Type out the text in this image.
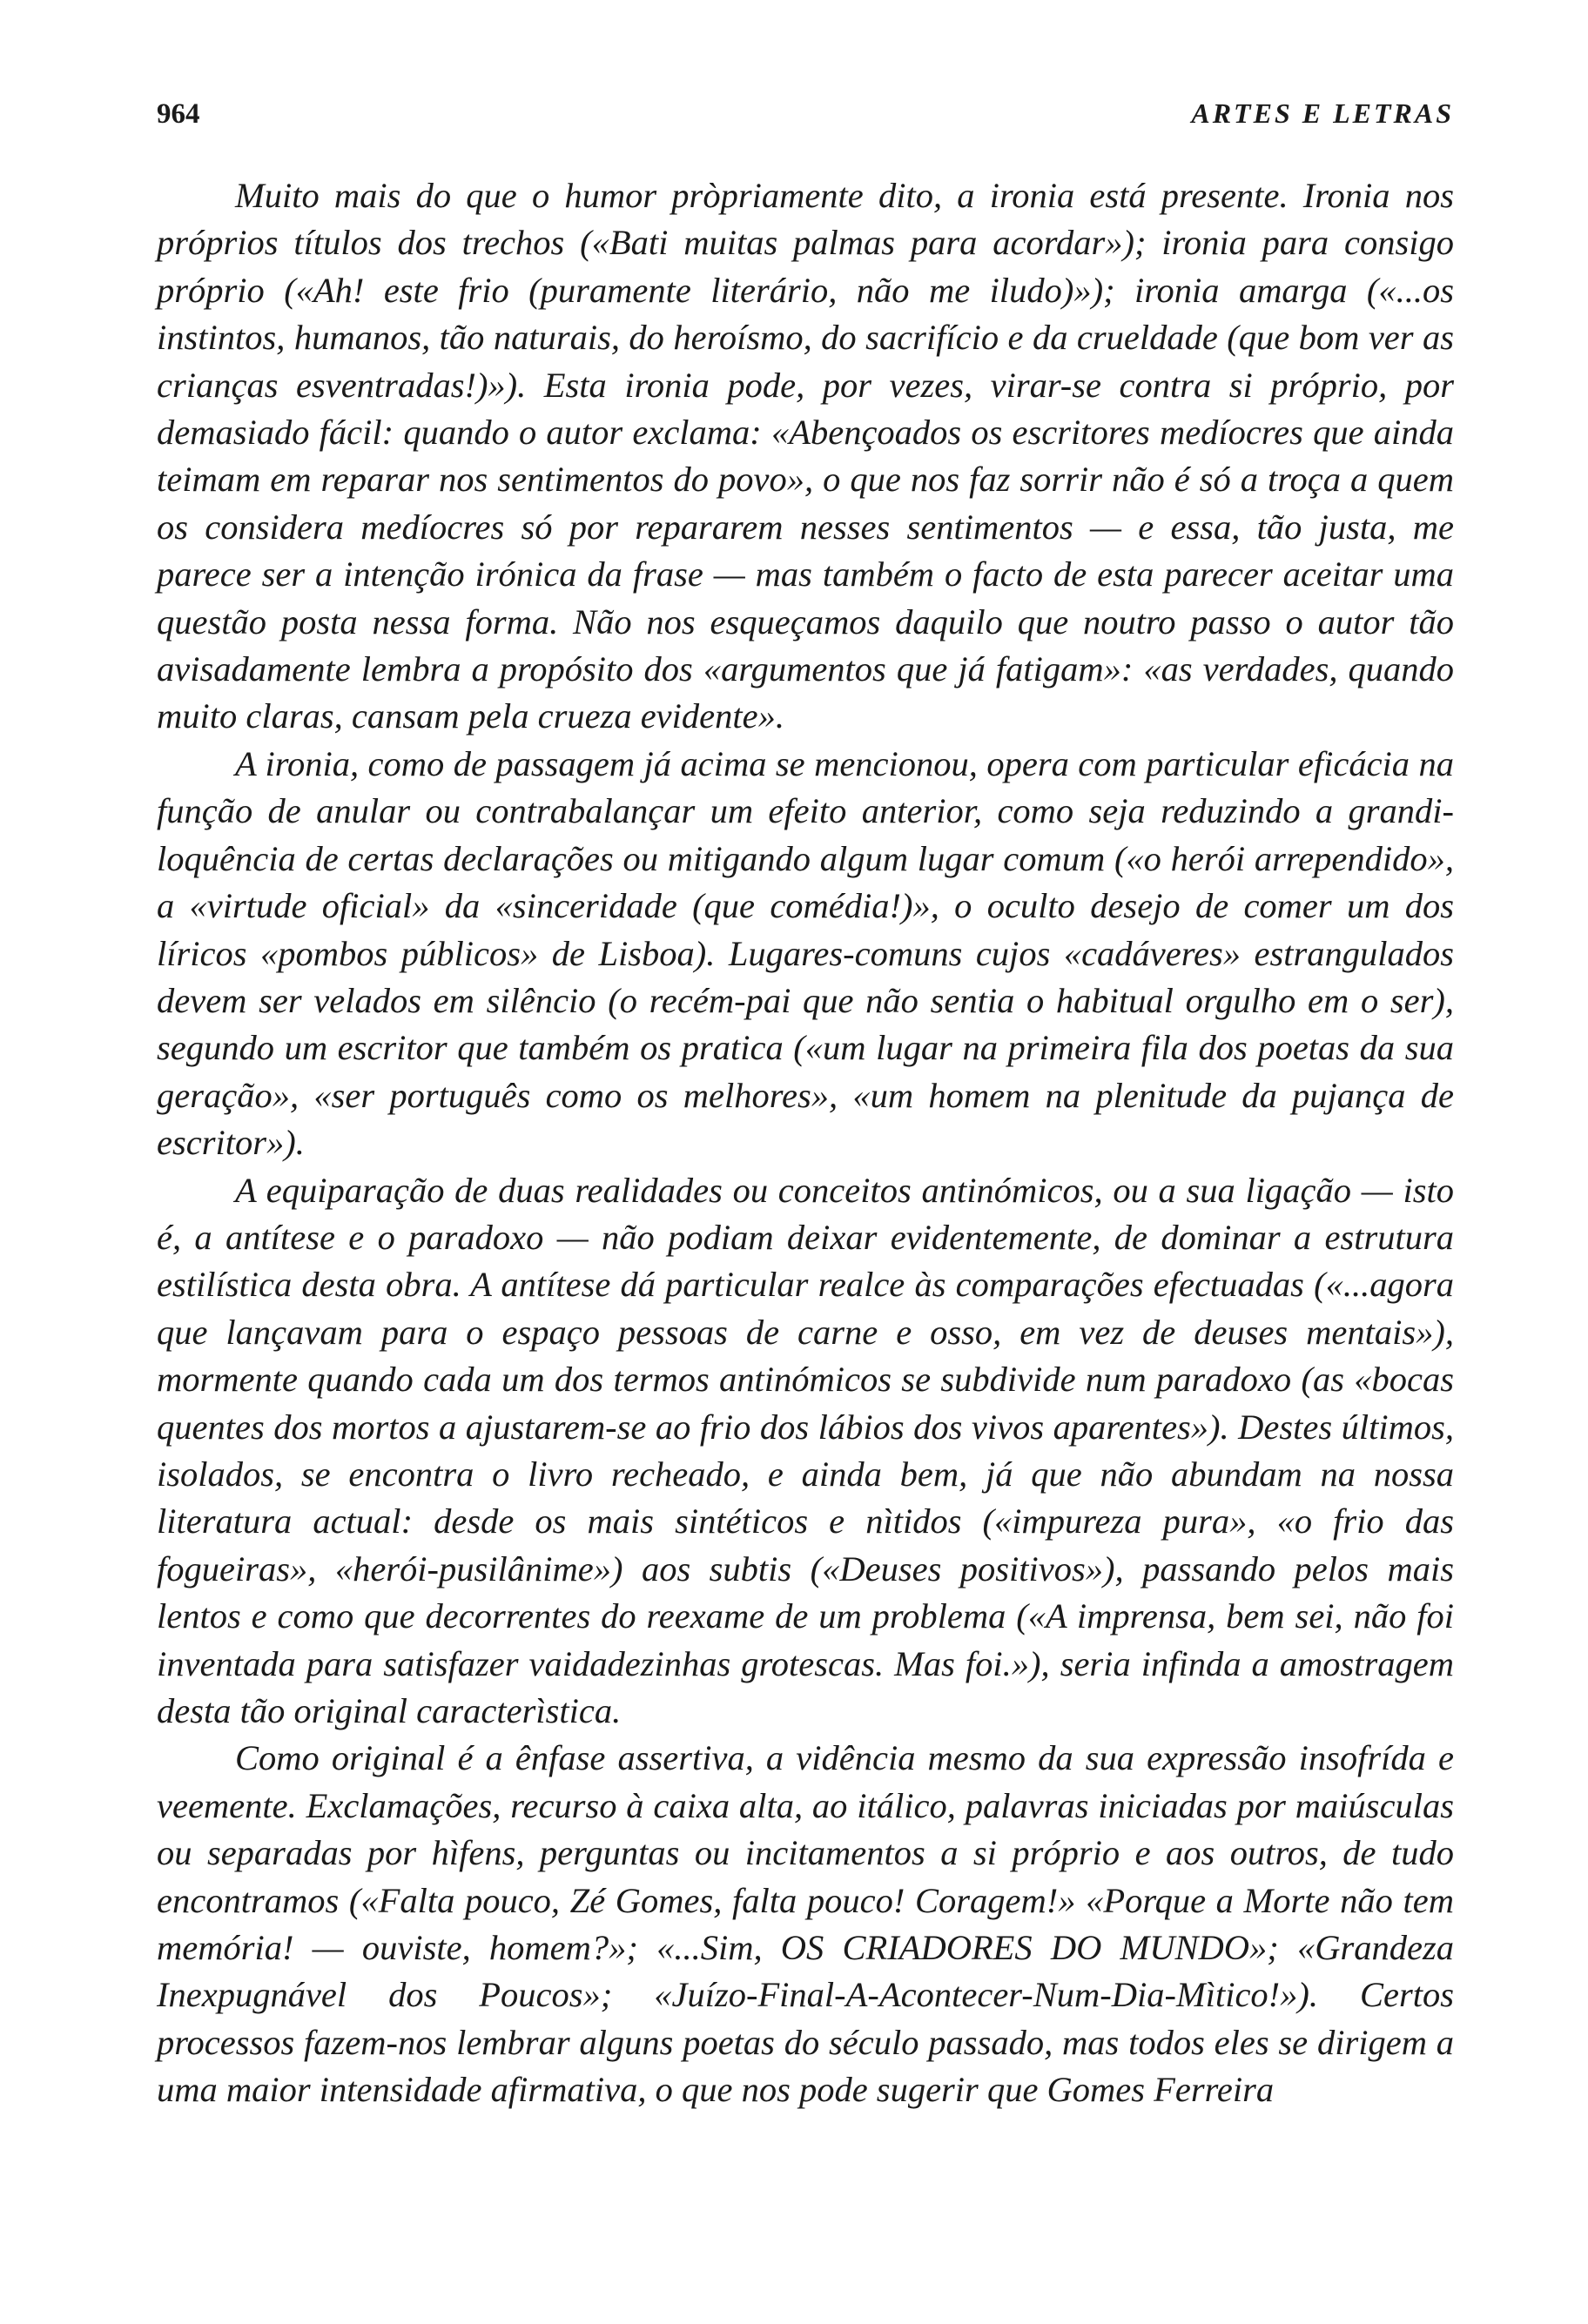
964	ARTES E LETRAS

Muito mais do que o humor pròpriamente dito, a ironia está presente. Ironia nos próprios títulos dos trechos («Bati muitas palmas para acordar»); ironia para consigo próprio («Ah! este frio (puramente literário, não me iludo)»); ironia amarga («...os instintos, humanos, tão naturais, do heroísmo, do sacrifício e da crueldade (que bom ver as crianças esventradas!)»). Esta ironia pode, por vezes, virar-se contra si próprio, por demasiado fácil: quando o autor exclama: «Abençoados os escritores medíocres que ainda teimam em reparar nos sentimentos do povo», o que nos faz sorrir não é só a troça a quem os considera medíocres só por repararem nesses sentimentos — e essa, tão justa, me parece ser a intenção irónica da frase — mas também o facto de esta parecer aceitar uma questão posta nessa forma. Não nos esqueçamos daquilo que noutro passo o autor tão avisadamente lembra a propósito dos «argumentos que já fatigam»: «as verdades, quando muito claras, cansam pela crueza evidente».

A ironia, como de passagem já acima se mencionou, opera com particular eficácia na função de anular ou contrabalançar um efeito anterior, como seja reduzindo a grandiloquência de certas declarações ou mitigando algum lugar comum («o herói arrependido», a «virtude oficial» da «sinceridade (que comédia!)», o oculto desejo de comer um dos líricos «pombos públicos» de Lisboa). Lugares-comuns cujos «cadáveres» estrangulados devem ser velados em silêncio (o recém-pai que não sentia o habitual orgulho em o ser), segundo um escritor que também os pratica («um lugar na primeira fila dos poetas da sua geração», «ser português como os melhores», «um homem na plenitude da pujança de escritor»).

A equiparação de duas realidades ou conceitos antinómicos, ou a sua ligação — isto é, a antítese e o paradoxo — não podiam deixar evidentemente, de dominar a estrutura estilística desta obra. A antítese dá particular realce às comparações efectuadas («...agora que lançavam para o espaço pessoas de carne e osso, em vez de deuses mentais»), mormente quando cada um dos termos antinómicos se subdivide num paradoxo (as «bocas quentes dos mortos a ajustarem-se ao frio dos lábios dos vivos aparentes»). Destes últimos, isolados, se encontra o livro recheado, e ainda bem, já que não abundam na nossa literatura actual: desde os mais sintéticos e nìtidos («impureza pura», «o frio das fogueiras», «herói-pusilânime») aos subtis («Deuses positivos»), passando pelos mais lentos e como que decorrentes do reexame de um problema («A imprensa, bem sei, não foi inventada para satisfazer vaidadezinhas grotescas. Mas foi.»), seria infinda a amostragem desta tão original caracterìstica.

Como original é a ênfase assertiva, a vidência mesmo da sua expressão insofrída e veemente. Exclamações, recurso à caixa alta, ao itálico, palavras iniciadas por maiúsculas ou separadas por hìfens, perguntas ou incitamentos a si próprio e aos outros, de tudo encontramos («Falta pouco, Zé Gomes, falta pouco! Coragem!» «Porque a Morte não tem memória! — ouviste, homem?»; «...Sim, OS CRIADORES DO MUNDO»; «Grandeza Inexpugnável dos Poucos»; «Juízo-Final-A-Acontecer-Num-Dia-Mìtico!»). Certos processos fazem-nos lembrar alguns poetas do século passado, mas todos eles se dirigem a uma maior intensidade afirmativa, o que nos pode sugerir que Gomes Ferreira
